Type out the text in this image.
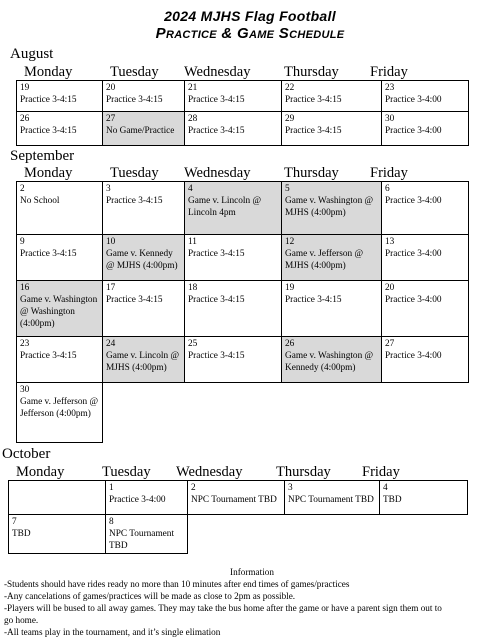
2024 MJHS Flag Football
Practice & Game Schedule
August
Monday	Tuesday Wednesday Thursday Friday
19
Practice 3-4:15	20
Practice 3-4:15	21
Practice 3-4:15	22
Practice 3-4:15	23
Practice 3-4:00

26
Practice 3-4:15	27
No Game/Practice	28
Practice 3-4:15	29
Practice 3-4:15	30
Practice 3-4:00
September
Monday	Tuesday Wednesday Thursday Friday
2
No School	3
Practice 3-4:15	4
Game v. Lincoln @ Lincoln 4pm	5
Game v. Washington @ MJHS (4:00pm)	6
Practice 3-4:00

9
Practice 3-4:15	10
Game v. Kennedy @ MJHS (4:00pm)	11
Practice 3-4:15	12
Game v. Jefferson @ MJHS (4:00pm)	13
Practice 3-4:00

16
Game v. Washington @ Washington (4:00pm)	17
Practice 3-4:15	18
Practice 3-4:15	19
Practice 3-4:15	20
Practice 3-4:00

23
Practice 3-4:15	24
Game v. Lincoln @ MJHS (4:00pm)	25
Practice 3-4:15	26
Game v. Washington @ Kennedy (4:00pm)	27
Practice 3-4:00

30
Game v. Jefferson @ Jefferson (4:00pm)				

October
Monday	Tuesday Wednesday Thursday Friday

	1
Practice 3-4:00	2
NPC Tournament TBD	3
NPC Tournament TBD	4
TBD

7
TBD	8
NPC Tournament TBD			

Information
-Students should have rides ready no more than 10 minutes after end times of games/practices
-Any cancelations of games/practices will be made as close to 2pm as possible.
-Players will be bused to all away games. They may take the bus home after the game or have a parent sign them out to
go home.
-All teams play in the tournament, and it’s single elimation
